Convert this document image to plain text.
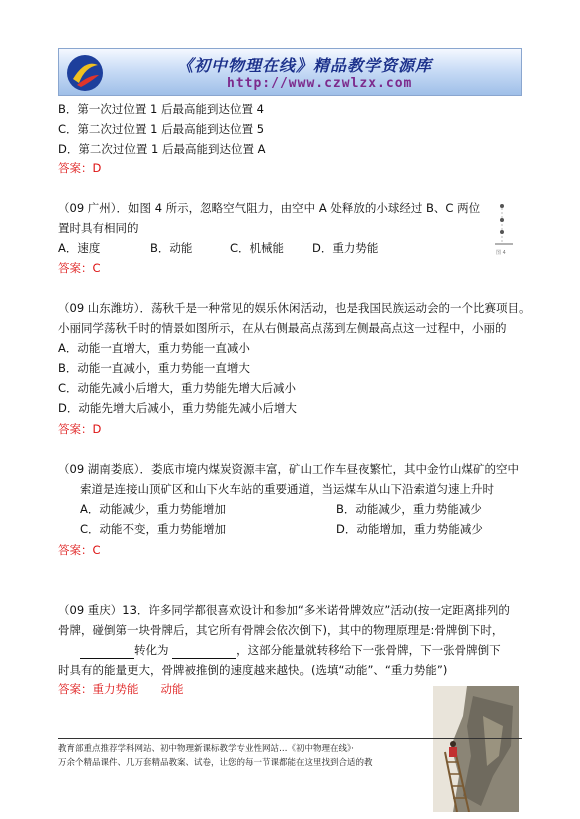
《初中物理在线》精品教学资源库
http://www.czwlzx.com
B．第一次过位置 1 后最高能到达位置 4
C．第二次过位置 1 后最高能到达位置 5
D．第二次过位置 1 后最高能到达位置 A
答案：D
（09 广州）．如图 4 所示，忽略空气阻力，由空中 A 处释放的小球经过 B、C 两位
置时具有相同的
A．速度	B．动能	C．机械能 D．重力势能
答案：C
图 4
（09 山东潍坊）．荡秋千是一种常见的娱乐休闲活动，也是我国民族运动会的一个比赛项目。
小丽同学荡秋千时的情景如图所示，在从右侧最高点荡到左侧最高点这一过程中，小丽的
A．动能一直增大，重力势能一直减小
B．动能一直减小，重力势能一直增大
C．动能先减小后增大，重力势能先增大后减小
D．动能先增大后减小，重力势能先减小后增大
答案：D
（09 湖南娄底）．娄底市境内煤炭资源丰富，矿山工作车昼夜繁忙，其中金竹山煤矿的空中
索道是连接山顶矿区和山下火车站的重要通道，当运煤车从山下沿索道匀速上升时
A．动能减少，重力势能增加	B．动能减少，重力势能减少
C．动能不变，重力势能增加	D．动能增加，重力势能减少
答案：C
（09 重庆）13．许多同学都很喜欢设计和参加“多米诺骨牌效应”活动(按一定距离排列的
骨牌，碰倒第一块骨牌后，其它所有骨牌会依次倒下)，其中的物理原理是:骨牌倒下时，
转化为	，这部分能量就转移给下一张骨牌，下一张骨牌倒下
时具有的能量更大，骨牌被推倒的速度越来越快。(选填“动能”、“重力势能”)
答案：重力势能 动能
教育部重点推荐学科网站、初中物理新课标教学专业性网站…《初中物理在线》·
万余个精品课件、几万套精品教案、试卷，让您的每一节课都能在这里找到合适的教
